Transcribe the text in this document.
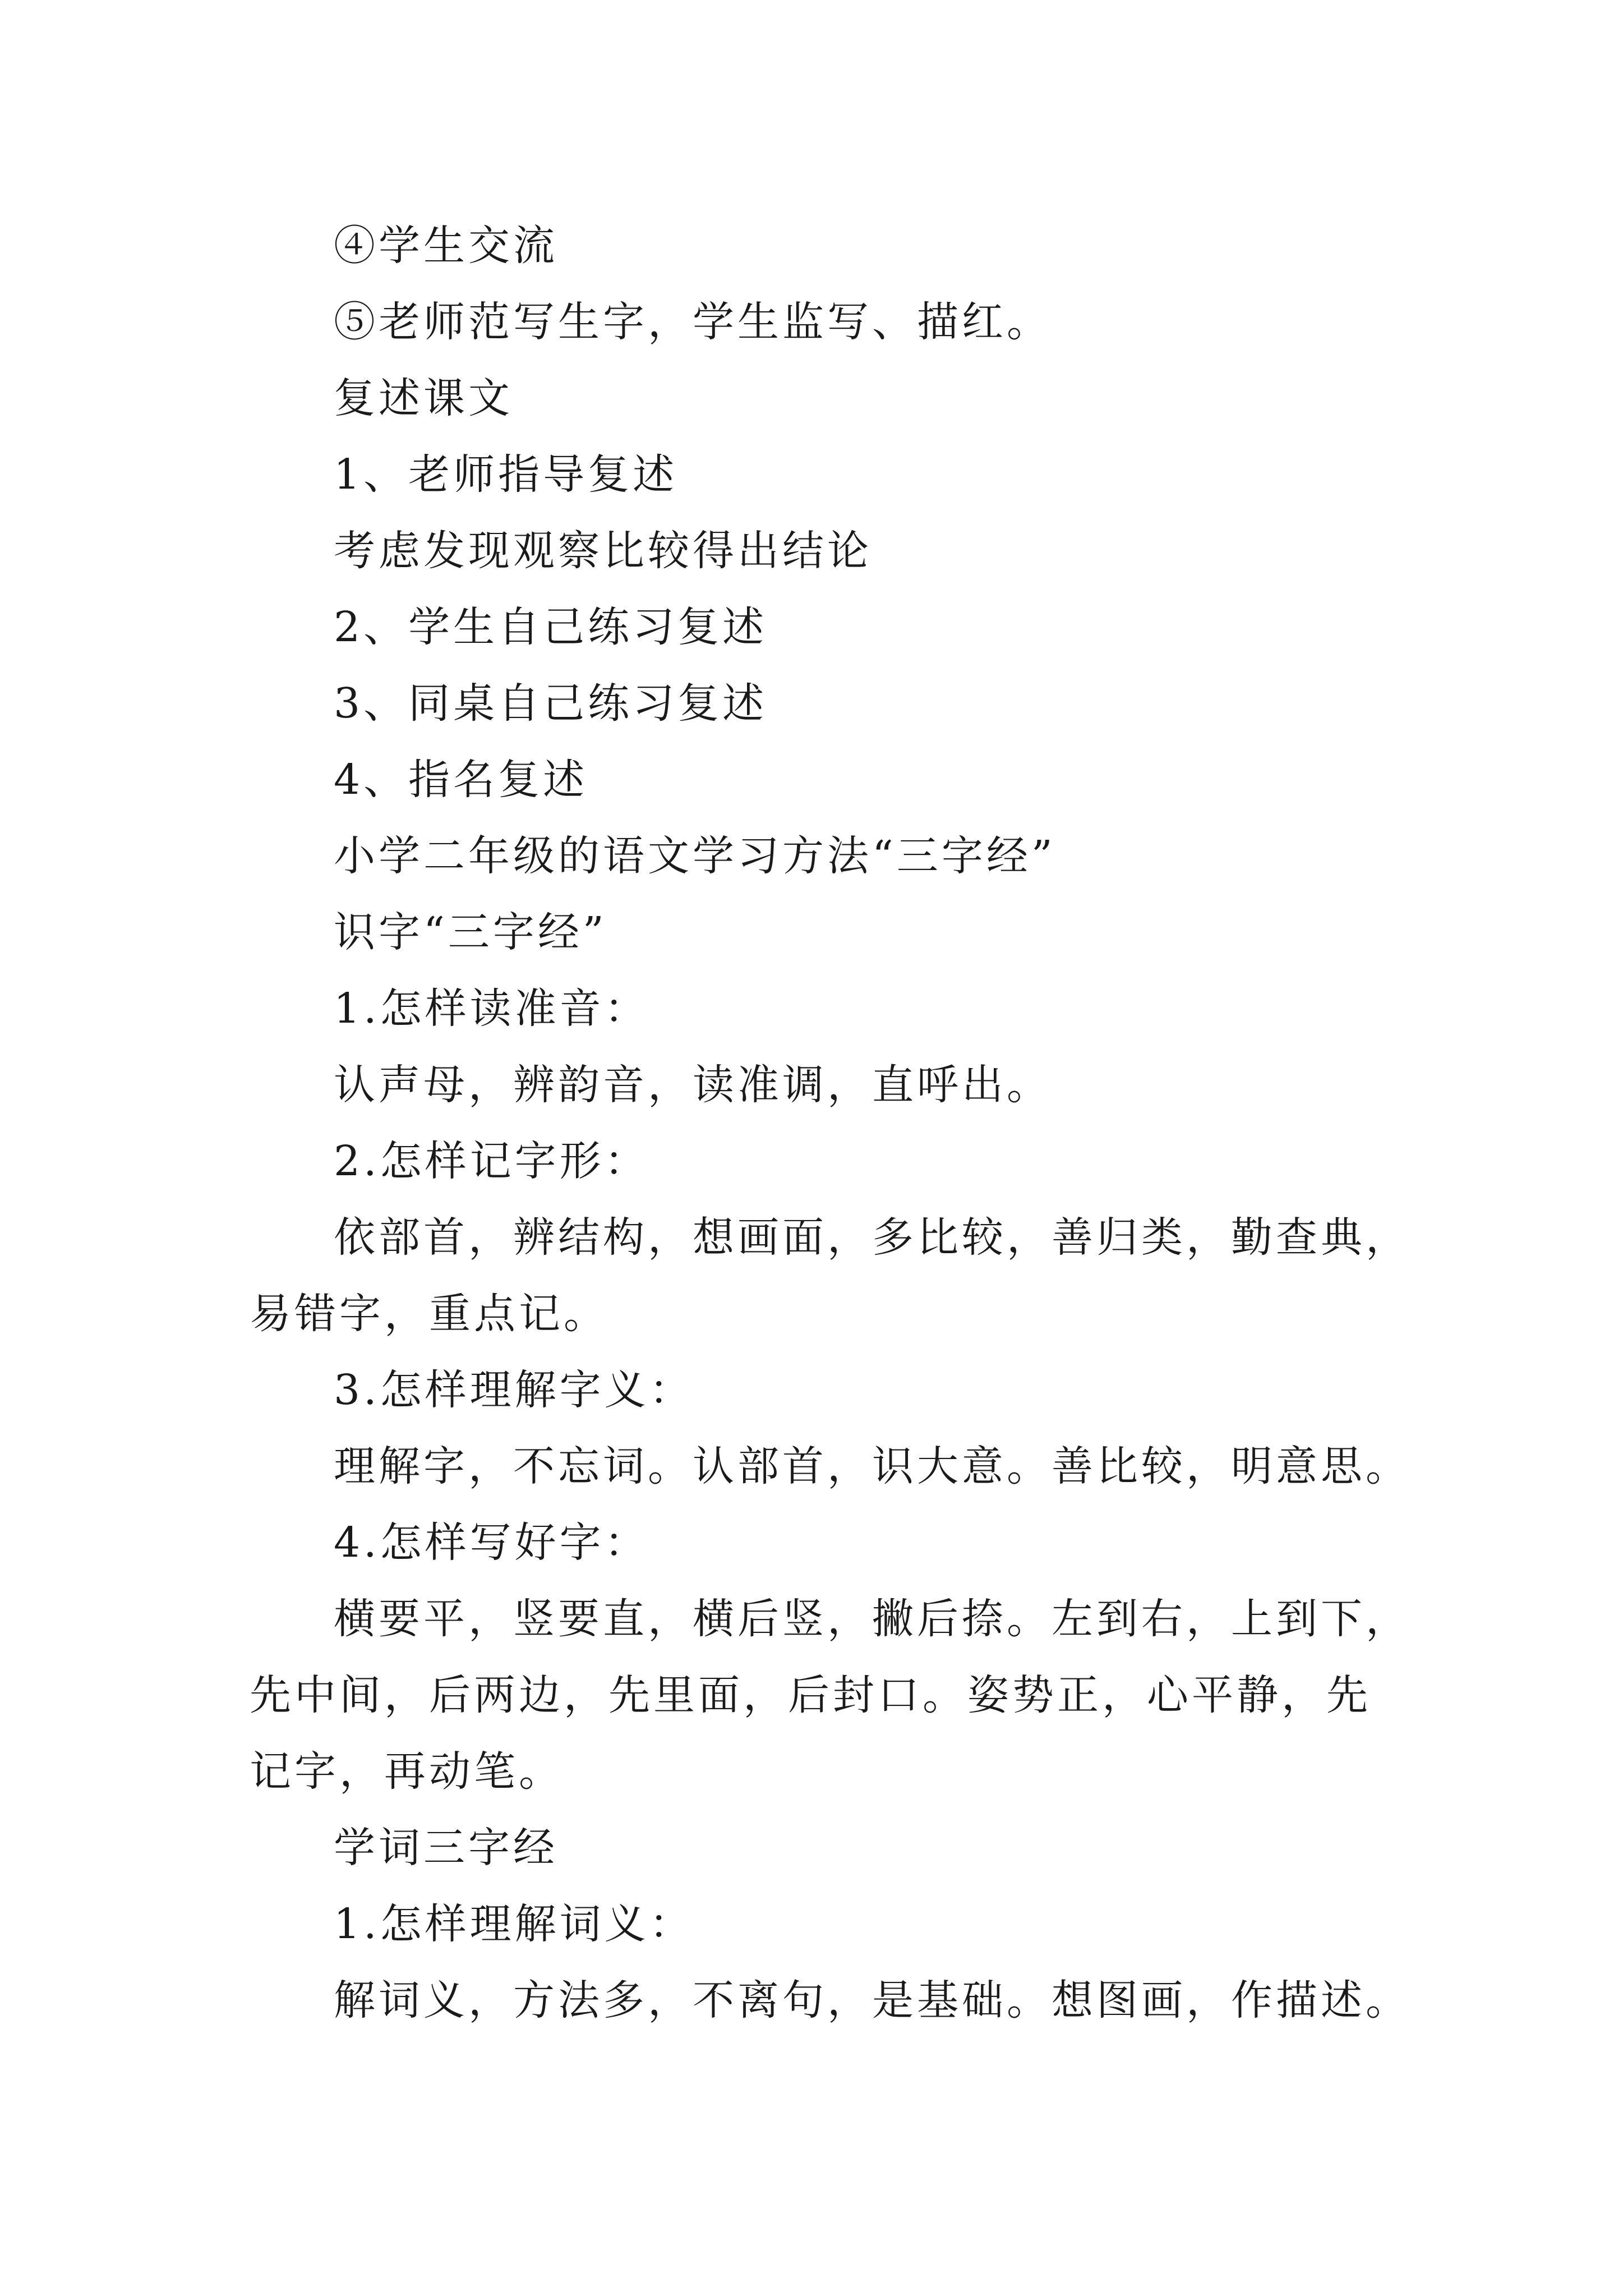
④学生交流

⑤老师范写生字，学生监写、描红。

复述课文

1、老师指导复述

考虑发现观察比较得出结论

2、学生自己练习复述

3、同桌自己练习复述

4、指名复述

小学二年级的语文学习方法“三字经”

识字“三字经”

1.怎样读准音：

认声母，辨韵音，读准调，直呼出。

2.怎样记字形：

依部首，辨结构，想画面，多比较，善归类，勤查典，易错字，重点记。

3.怎样理解字义：

理解字，不忘词。认部首，识大意。善比较，明意思。

4.怎样写好字：

横要平，竖要直，横后竖，撇后捺。左到右，上到下，先中间，后两边，先里面，后封口。姿势正，心平静，先记字，再动笔。

学词三字经

1.怎样理解词义：

解词义，方法多，不离句，是基础。想图画，作描述。
